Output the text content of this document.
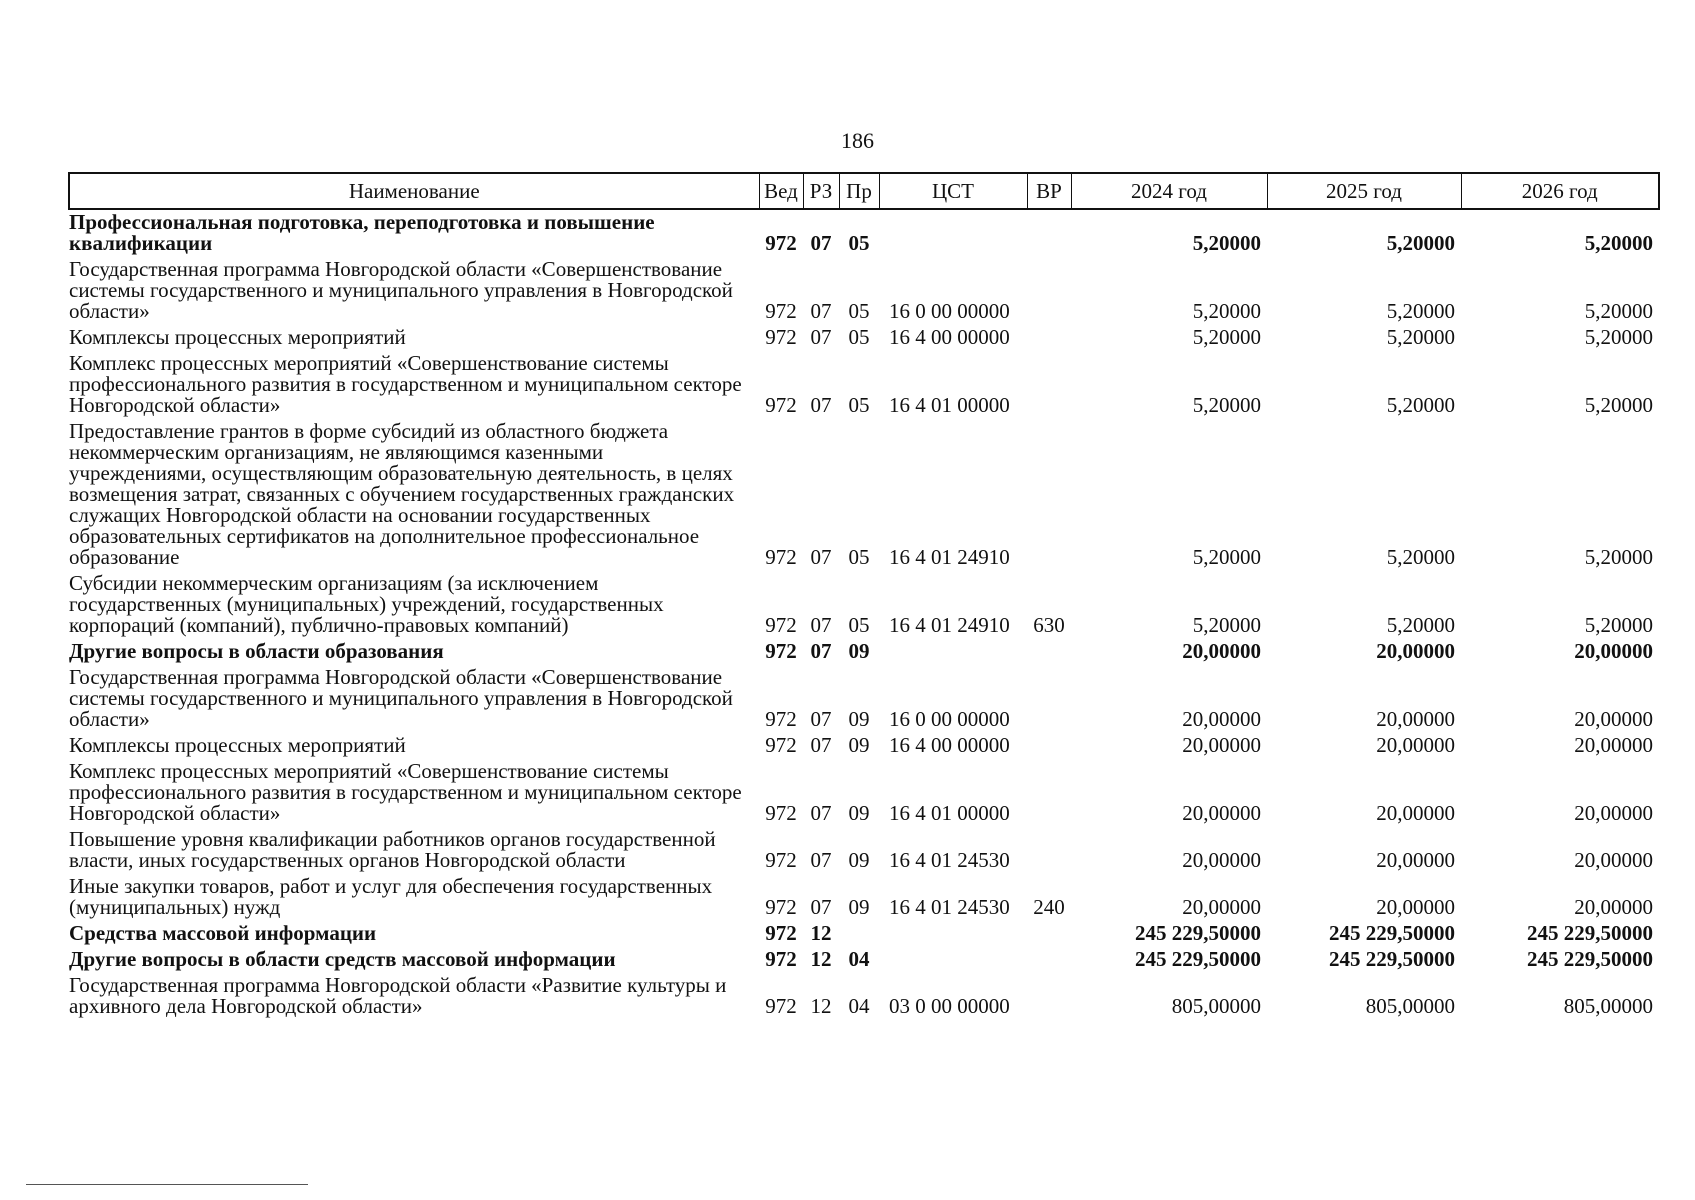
186
Наименование	Вед	РЗ	Пр	ЦСТ	ВР	2024 год	2025 год	2026 год
Профессиональная подготовка, переподготовка и повышение квалификации	972	07	05			5,20000	5,20000	5,20000
Государственная программа Новгородской области «Совершенствование системы государственного и муниципального управления в Новгородской области»	972	07	05	16 0 00 00000		5,20000	5,20000	5,20000
Комплексы процессных мероприятий	972	07	05	16 4 00 00000		5,20000	5,20000	5,20000
Комплекс процессных мероприятий «Совершенствование системы профессионального развития в государственном и муниципальном секторе Новгородской области»	972	07	05	16 4 01 00000		5,20000	5,20000	5,20000
Предоставление грантов в форме субсидий из областного бюджета некоммерческим организациям, не являющимся казенными учреждениями, осуществляющим образовательную деятельность, в целях возмещения затрат, связанных с обучением государственных гражданских служащих Новгородской области на основании государственных образовательных сертификатов на дополнительное профессиональное образование	972	07	05	16 4 01 24910		5,20000	5,20000	5,20000
Субсидии некоммерческим организациям (за исключением государственных (муниципальных) учреждений, государственных корпораций (компаний), публично-правовых компаний)	972	07	05	16 4 01 24910	630	5,20000	5,20000	5,20000
Другие вопросы в области образования	972	07	09			20,00000	20,00000	20,00000
Государственная программа Новгородской области «Совершенствование системы государственного и муниципального управления в Новгородской области»	972	07	09	16 0 00 00000		20,00000	20,00000	20,00000
Комплексы процессных мероприятий	972	07	09	16 4 00 00000		20,00000	20,00000	20,00000
Комплекс процессных мероприятий «Совершенствование системы профессионального развития в государственном и муниципальном секторе Новгородской области»	972	07	09	16 4 01 00000		20,00000	20,00000	20,00000
Повышение уровня квалификации работников органов государственной власти, иных государственных органов Новгородской области	972	07	09	16 4 01 24530		20,00000	20,00000	20,00000
Иные закупки товаров, работ и услуг для обеспечения государственных (муниципальных) нужд	972	07	09	16 4 01 24530	240	20,00000	20,00000	20,00000
Средства массовой информации	972	12				245 229,50000	245 229,50000	245 229,50000
Другие вопросы в области средств массовой информации	972	12	04			245 229,50000	245 229,50000	245 229,50000
Государственная программа Новгородской области «Развитие культуры и архивного дела Новгородской области»	972	12	04	03 0 00 00000		805,00000	805,00000	805,00000
